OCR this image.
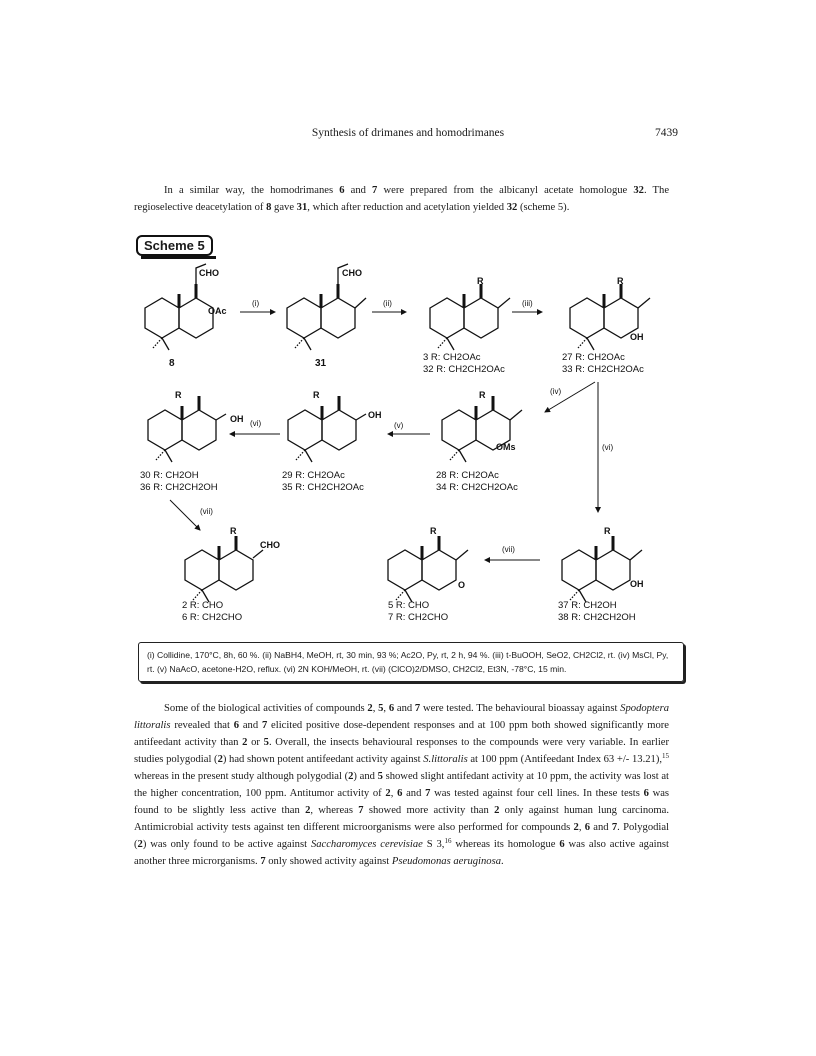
Synthesis of drimanes and homodrimanes	7439
In a similar way, the homodrimanes 6 and 7 were prepared from the albicanyl acetate homologue 32. The regioselective deacetylation of 8 gave 31, which after reduction and acetylation yielded 32 (scheme 5).
Scheme 5
CHO
OAc
8
(i)
CHO
31
(ii)
R
3 R: CH2OAc
32 R: CH2CH2OAc
(iii)
R
OH
27 R: CH2OAc
33 R: CH2CH2OAc
(iv)
(vi)
R
OMs
28 R: CH2OAc
34 R: CH2CH2OAc
(v)
R
OH
29 R: CH2OAc
35 R: CH2CH2OAc
(vi)
R
OH
30 R: CH2OH
36 R: CH2CH2OH
(vii)
R
CHO
2 R: CHO
6 R: CH2CHO
R
O
5 R: CHO
7 R: CH2CHO
(vii)
R
OH
37 R: CH2OH
38 R: CH2CH2OH
(i) Collidine, 170°C, 8h, 60 %. (ii) NaBH4, MeOH, rt, 30 min, 93 %; Ac2O, Py, rt, 2 h, 94 %. (iii) t-BuOOH, SeO2, CH2Cl2, rt. (iv) MsCl, Py, rt. (v) NaAcO, acetone-H2O, reflux. (vi) 2N KOH/MeOH, rt. (vii) (ClCO)2/DMSO, CH2Cl2, Et3N, -78°C, 15 min.
Some of the biological activities of compounds 2, 5, 6 and 7 were tested. The behavioural bioassay against Spodoptera littoralis revealed that 6 and 7 elicited positive dose-dependent responses and at 100 ppm both showed significantly more antifeedant activity than 2 or 5. Overall, the insects behavioural responses to the compounds were very variable. In earlier studies polygodial (2) had shown potent antifeedant activity against S.littoralis at 100 ppm (Antifeedant Index 63 +/- 13.21),$^{15}$ whereas in the present study although polygodial (2) and 5 showed slight antifedant activity at 10 ppm, the activity was lost at the higher concentration, 100 ppm. Antitumor activity of 2, 6 and 7 was tested against four cell lines. In these tests 6 was found to be slightly less active than 2, whereas 7 showed more activity than 2 only against human lung carcinoma. Antimicrobial activity tests against ten different microorganisms were also performed for compounds 2, 6 and 7. Polygodial (2) was only found to be active against Saccharomyces cerevisiae S 3,16 whereas its homologue 6 was also active against another three microrganisms. 7 only showed activity against Pseudomonas aeruginosa.
